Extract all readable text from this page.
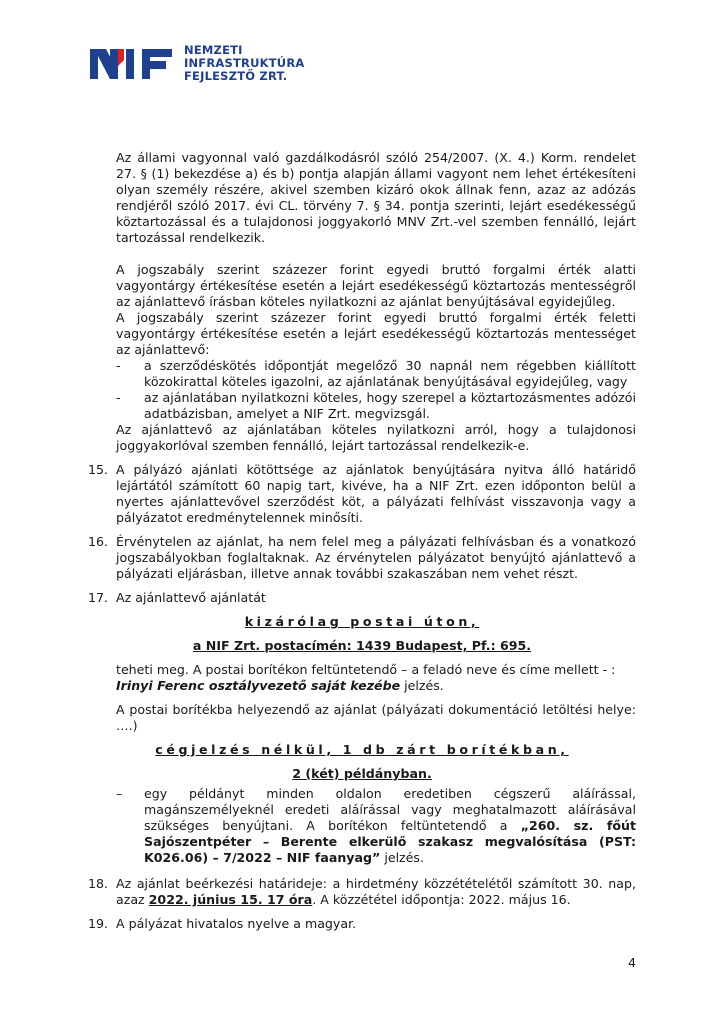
NEMZETI
INFRASTRUKTÚRA
FEJLESZTŐ ZRT.

Az állami vagyonnal való gazdálkodásról szóló 254/2007. (X. 4.) Korm. rendelet 27. § (1) bekezdése a) és b) pontja alapján állami vagyont nem lehet értékesíteni olyan személy részére, akivel szemben kizáró okok állnak fenn, azaz az adózás rendjéről szóló 2017. évi CL. törvény 7. § 34. pontja szerinti, lejárt esedékességű köztartozással és a tulajdonosi joggyakorló MNV Zrt.-vel szemben fennálló, lejárt tartozással rendelkezik.

A jogszabály szerint százezer forint egyedi bruttó forgalmi érték alatti vagyontárgy értékesítése esetén a lejárt esedékességű köztartozás mentességről az ajánlattevő írásban köteles nyilatkozni az ajánlat benyújtásával egyidejűleg.

A jogszabály szerint százezer forint egyedi bruttó forgalmi érték feletti vagyontárgy értékesítése esetén a lejárt esedékességű köztartozás mentességet az ajánlattevő:

-	a szerződéskötés időpontját megelőző 30 napnál nem régebben kiállított közokirattal köteles igazolni, az ajánlatának benyújtásával egyidejűleg, vagy
-	az ajánlatában nyilatkozni köteles, hogy szerepel a köztartozásmentes adózói adatbázisban, amelyet a NIF Zrt. megvizsgál.

Az ajánlattevő az ajánlatában köteles nyilatkozni arról, hogy a tulajdonosi joggyakorlóval szemben fennálló, lejárt tartozással rendelkezik-e.

15. A pályázó ajánlati kötöttsége az ajánlatok benyújtására nyitva álló határidő lejártától számított 60 napig tart, kivéve, ha a NIF Zrt. ezen időponton belül a nyertes ajánlattevővel szerződést köt, a pályázati felhívást visszavonja vagy a pályázatot eredménytelennek minősíti.
16. Érvénytelen az ajánlat, ha nem felel meg a pályázati felhívásban és a vonatkozó jogszabályokban foglaltaknak. Az érvénytelen pályázatot benyújtó ajánlattevő a pályázati eljárásban, illetve annak további szakaszában nem vehet részt.
17. Az ajánlattevő ajánlatát

kizárólag postai úton,

a NIF Zrt. postacímén: 1439 Budapest, Pf.: 695.

teheti meg. A postai borítékon feltüntetendő – a feladó neve és címe mellett - :
Irinyi Ferenc osztályvezető saját kezébe jelzés.

A postai borítékba helyezendő az ajánlat (pályázati dokumentáció letöltési helye: ….)

cégjelzés nélkül, 1 db zárt borítékban,

2 (két) példányban.

–	egy példányt minden oldalon eredetiben cégszerű aláírással, magánszemélyeknél eredeti aláírással vagy meghatalmazott aláírásával szükséges benyújtani. A borítékon feltüntetendő a „260. sz. főút Sajószentpéter – Berente elkerülő szakasz megvalósítása (PST: K026.06) – 7/2022 – NIF faanyag” jelzés.
18. Az ajánlat beérkezési határideje: a hirdetmény közzétételétől számított 30. nap, azaz 2022. június 15. 17 óra. A közzététel időpontja: 2022. május 16.
19. A pályázat hivatalos nyelve a magyar.
4
